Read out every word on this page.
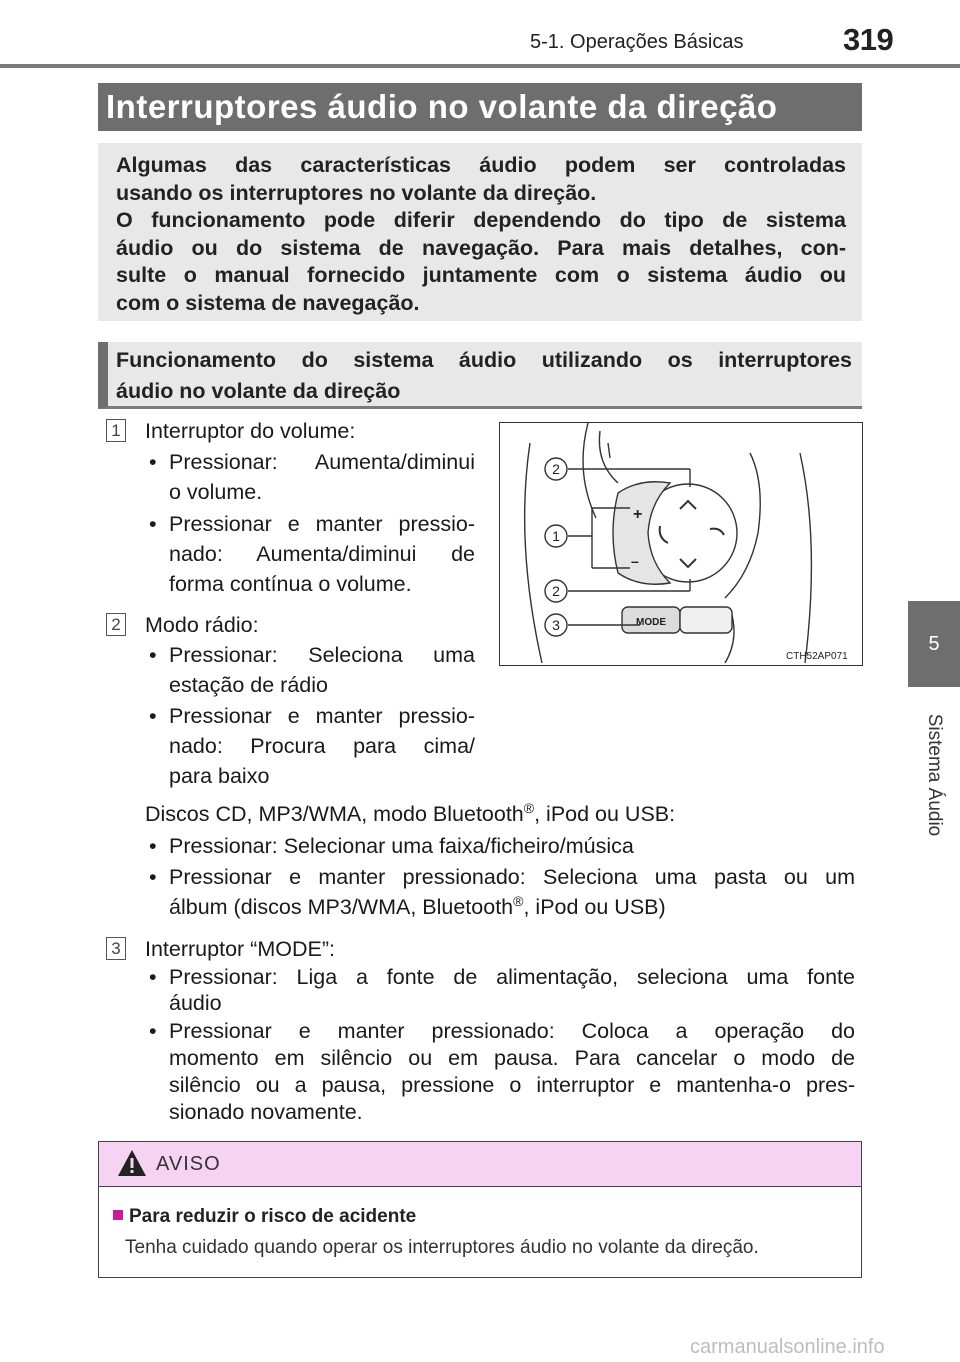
5-1. Operações Básicas	319
5
Sistema Áudio
Interruptores áudio no volante da direção
Algumas das características áudio podem ser controladas
usando os interruptores no volante da direção.
O funcionamento pode diferir dependendo do tipo de sistema
áudio ou do sistema de navegação. Para mais detalhes, con-
sulte o manual fornecido juntamente com o sistema áudio ou
com o sistema de navegação.
Funcionamento do sistema áudio utilizando os interruptores
áudio no volante da direção
1 Interruptor do volume:
• Pressionar: Aumenta/diminui
o volume.
• Pressionar e manter pressio-
nado: Aumenta/diminui de
forma contínua o volume.
2 Modo rádio:
• Pressionar: Seleciona uma
estação de rádio
• Pressionar e manter pressio-
nado: Procura para cima/
para baixo
Discos CD, MP3/WMA, modo Bluetooth®, iPod ou USB:
• Pressionar: Selecionar uma faixa/ficheiro/música
• Pressionar e manter pressionado: Seleciona uma pasta ou um
álbum (discos MP3/WMA, Bluetooth®, iPod ou USB)
3 Interruptor “MODE”:
• Pressionar: Liga a fonte de alimentação, seleciona uma fonte
áudio
• Pressionar e manter pressionado: Coloca a operação do
momento em silêncio ou em pausa. Para cancelar o modo de
silêncio ou a pausa, pressione o interruptor e mantenha-o pres-
sionado novamente.
2
1
2
3
+
–
MODE
CTH52AP071
AVISO
Para reduzir o risco de acidente
Tenha cuidado quando operar os interruptores áudio no volante da direção.
carmanualsonline.info
